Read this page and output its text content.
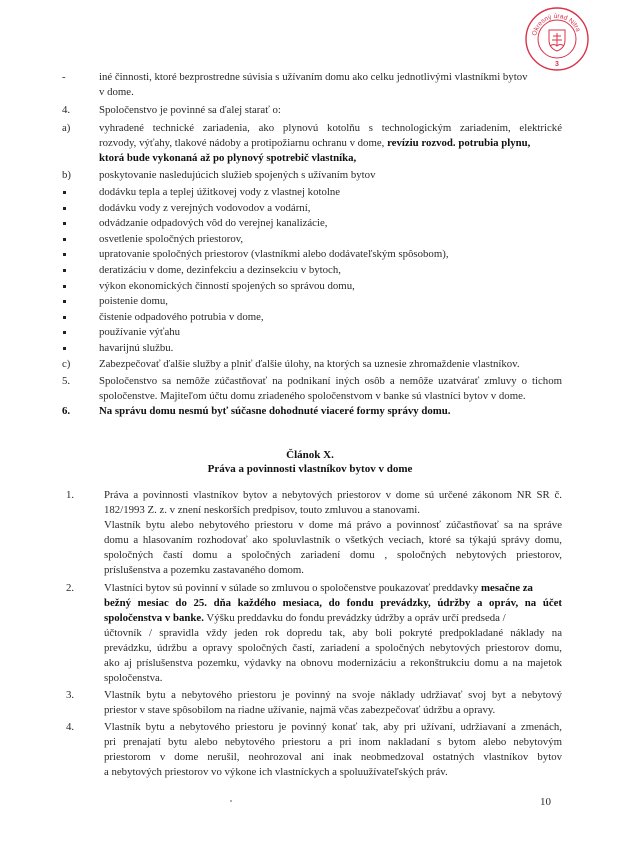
Okresný úrad Nitra
3
-	iné činnosti, ktoré bezprostredne súvisia s užívaním domu ako celku jednotlivými vlastníkmi bytov
v dome.
4.	Spoločenstvo je povinné sa ďalej starať o:
a)	vyhradené technické zariadenia, ako plynovú kotolňu s technologickým zariadením, elektrické
rozvody, výťahy, tlakové nádoby a protipožiarnu ochranu v dome, revíziu rozvod. potrubia plynu,
ktorá bude vykonaná až po plynový spotrebič vlastníka,
b)	poskytovanie nasledujúcich služieb spojených s užívaním bytov
dodávku tepla a teplej úžitkovej vody z vlastnej kotolne
dodávku vody z verejných vodovodov a vodární,
odvádzanie odpadových vôd do verejnej kanalizácie,
osvetlenie spoločných priestorov,
upratovanie spoločných priestorov (vlastníkmi alebo dodávateľským spôsobom),
deratizáciu v dome, dezinfekciu a dezinsekciu v bytoch,
výkon ekonomických činností spojených so správou domu,
poistenie domu,
čistenie odpadového potrubia v dome,
používanie výťahu
havarijnú službu.
c)	Zabezpečovať ďalšie služby a plniť ďalšie úlohy, na ktorých sa uznesie zhromaždenie vlastníkov.
5.	Spoločenstvo sa nemôže zúčastňovať na podnikaní iných osôb a nemôže uzatvárať zmluvy o tichom
spoločenstve. Majiteľom účtu domu zriadeného spoločenstvom v banke sú vlastníci bytov v dome.
6.	Na správu domu nesmú byť súčasne dohodnuté viaceré formy správy domu.
Článok X.
Práva a povinnosti vlastníkov bytov v dome
1.	Práva a povinnosti vlastníkov bytov a nebytových priestorov v dome sú určené zákonom NR SR č.
182/1993 Z. z. v znení neskorších predpisov, touto zmluvou a stanovami.
Vlastník bytu alebo nebytového priestoru v dome má právo a povinnosť zúčastňovať sa na správe
domu a hlasovaním rozhodovať ako spoluvlastník o všetkých veciach, ktoré sa týkajú správy domu,
spoločných častí domu a spoločných zariadení domu , spoločných nebytových priestorov,
príslušenstva a pozemku zastavaného domom.
2.	Vlastníci bytov sú povinní v súlade so zmluvou o spoločenstve poukazovať preddavky mesačne za
bežný mesiac do 25. dňa každého mesiaca, do fondu prevádzky, údržby a opráv, na účet
spoločenstva v banke. Výšku preddavku do fondu prevádzky údržby a opráv určí predseda /
účtovník / spravidla vždy jeden rok dopredu tak, aby boli pokryté predpokladané náklady na
prevádzku, údržbu a opravy spoločných častí, zariadení a spoločných nebytových priestorov domu,
ako aj príslušenstva pozemku, výdavky na obnovu modernizáciu a rekonštrukciu domu a na majetok
spoločenstva.
3.	Vlastník bytu a nebytového priestoru je povinný na svoje náklady udržiavať svoj byt a nebytový
priestor v stave spôsobilom na riadne užívanie, najmä včas zabezpečovať údržbu a opravy.
4.	Vlastník bytu a nebytového priestoru je povinný konať tak, aby pri užívaní, udržiavaní a zmenách,
pri prenajatí bytu alebo nebytového priestoru a pri inom nakladaní s bytom alebo nebytovým
priestorom v dome nerušil, neohrozoval ani inak neobmedzoval ostatných vlastníkov bytov
a nebytových priestorov vo výkone ich vlastníckych a spoluužívateľských práv.
10
